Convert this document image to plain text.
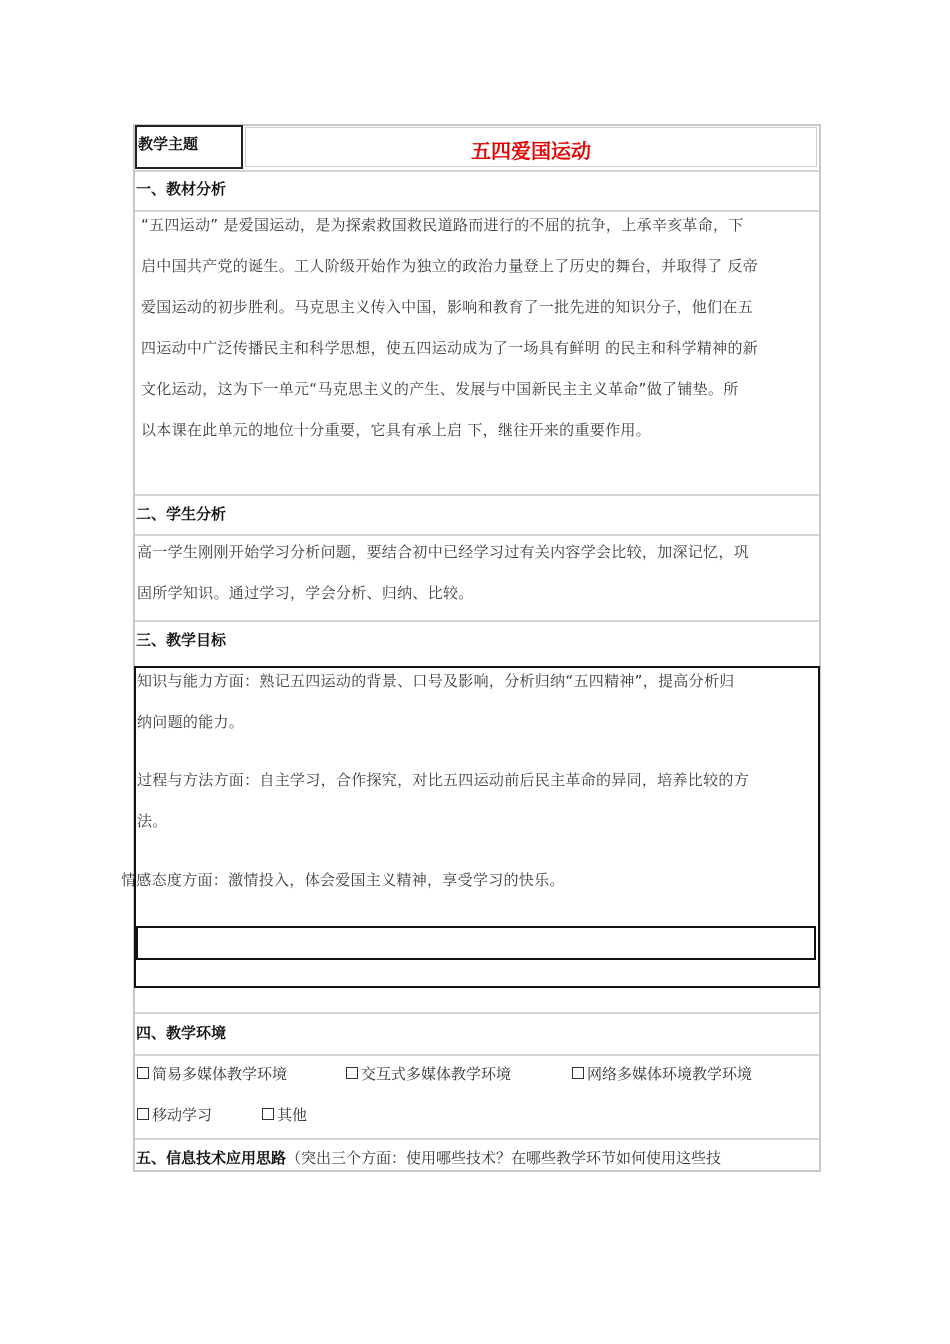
教学主题	五四爱国运动
一、教材分析
“五四运动” 是爱国运动，是为探索救国救民道路而进行的不屈的抗争，上承辛亥革命，下
启中国共产党的诞生。工人阶级开始作为独立的政治力量登上了历史的舞台，并取得了 反帝
爱国运动的初步胜利。马克思主义传入中国，影响和教育了一批先进的知识分子，他们在五
四运动中广泛传播民主和科学思想，使五四运动成为了一场具有鲜明 的民主和科学精神的新
文化运动，这为下一单元“马克思主义的产生、发展与中国新民主主义革命”做了铺垫。所
以本课在此单元的地位十分重要，它具有承上启 下，继往开来的重要作用。
二、学生分析
高一学生刚刚开始学习分析问题，要结合初中已经学习过有关内容学会比较，加深记忆，巩
固所学知识。通过学习，学会分析、归纳、比较。
三、教学目标
知识与能力方面：熟记五四运动的背景、口号及影响，分析归纳“五四精神”，提高分析归
纳问题的能力。
过程与方法方面：自主学习，合作探究，对比五四运动前后民主革命的异同，培养比较的方
法。
情感态度方面：激情投入，体会爱国主义精神，享受学习的快乐。
四、教学环境
简易多媒体教学环境	交互式多媒体教学环境	网络多媒体环境教学环境
移动学习	其他
五、信息技术应用思路（突出三个方面：使用哪些技术？在哪些教学环节如何使用这些技
